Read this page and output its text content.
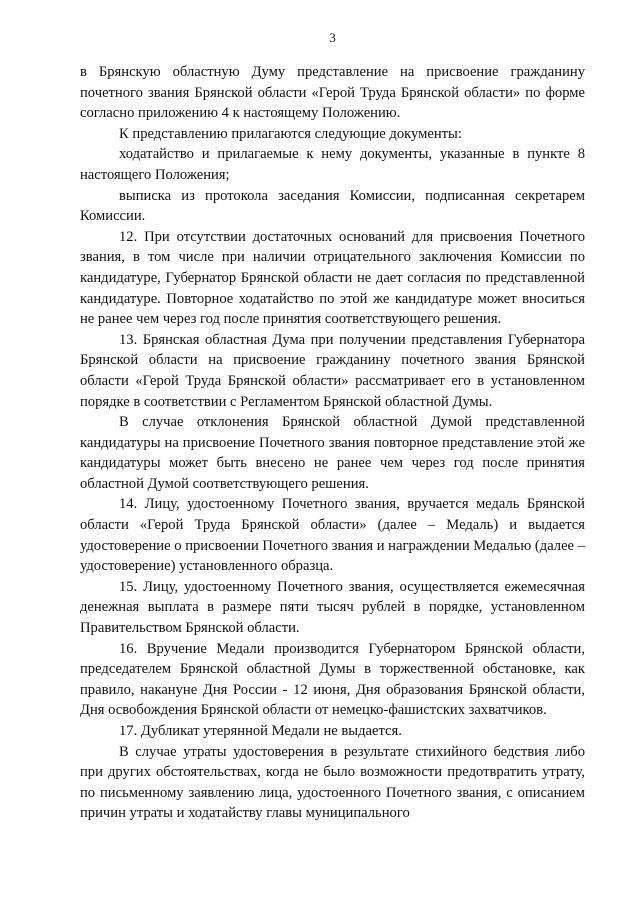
3

в Брянскую областную Думу представление на присвоение гражданину почетного звания Брянской области «Герой Труда Брянской области» по форме согласно приложению 4 к настоящему Положению.

К представлению прилагаются следующие документы:

ходатайство и прилагаемые к нему документы, указанные в пункте 8 настоящего Положения;

выписка из протокола заседания Комиссии, подписанная секретарем Комиссии.

12. При отсутствии достаточных оснований для присвоения Почетного звания, в том числе при наличии отрицательного заключения Комиссии по кандидатуре, Губернатор Брянской области не дает согласия по представленной кандидатуре. Повторное ходатайство по этой же кандидатуре может вноситься не ранее чем через год после принятия соответствующего решения.

13. Брянская областная Дума при получении представления Губернатора Брянской области на присвоение гражданину почетного звания Брянской области «Герой Труда Брянской области» рассматривает его в установленном порядке в соответствии с Регламентом Брянской областной Думы.

В случае отклонения Брянской областной Думой представленной кандидатуры на присвоение Почетного звания повторное представление этой же кандидатуры может быть внесено не ранее чем через год после принятия областной Думой соответствующего решения.

14. Лицу, удостоенному Почетного звания, вручается медаль Брянской области «Герой Труда Брянской области» (далее – Медаль) и выдается удостоверение о присвоении Почетного звания и награждении Медалью (далее – удостоверение) установленного образца.

15. Лицу, удостоенному Почетного звания, осуществляется ежемесячная денежная выплата в размере пяти тысяч рублей в порядке, установленном Правительством Брянской области.

16. Вручение Медали производится Губернатором Брянской области, председателем Брянской областной Думы в торжественной обстановке, как правило, накануне Дня России - 12 июня, Дня образования Брянской области, Дня освобождения Брянской области от немецко-фашистских захватчиков.

17. Дубликат утерянной Медали не выдается.

В случае утраты удостоверения в результате стихийного бедствия либо при других обстоятельствах, когда не было возможности предотвратить утрату, по письменному заявлению лица, удостоенного Почетного звания, с описанием причин утраты и ходатайству главы муниципального
